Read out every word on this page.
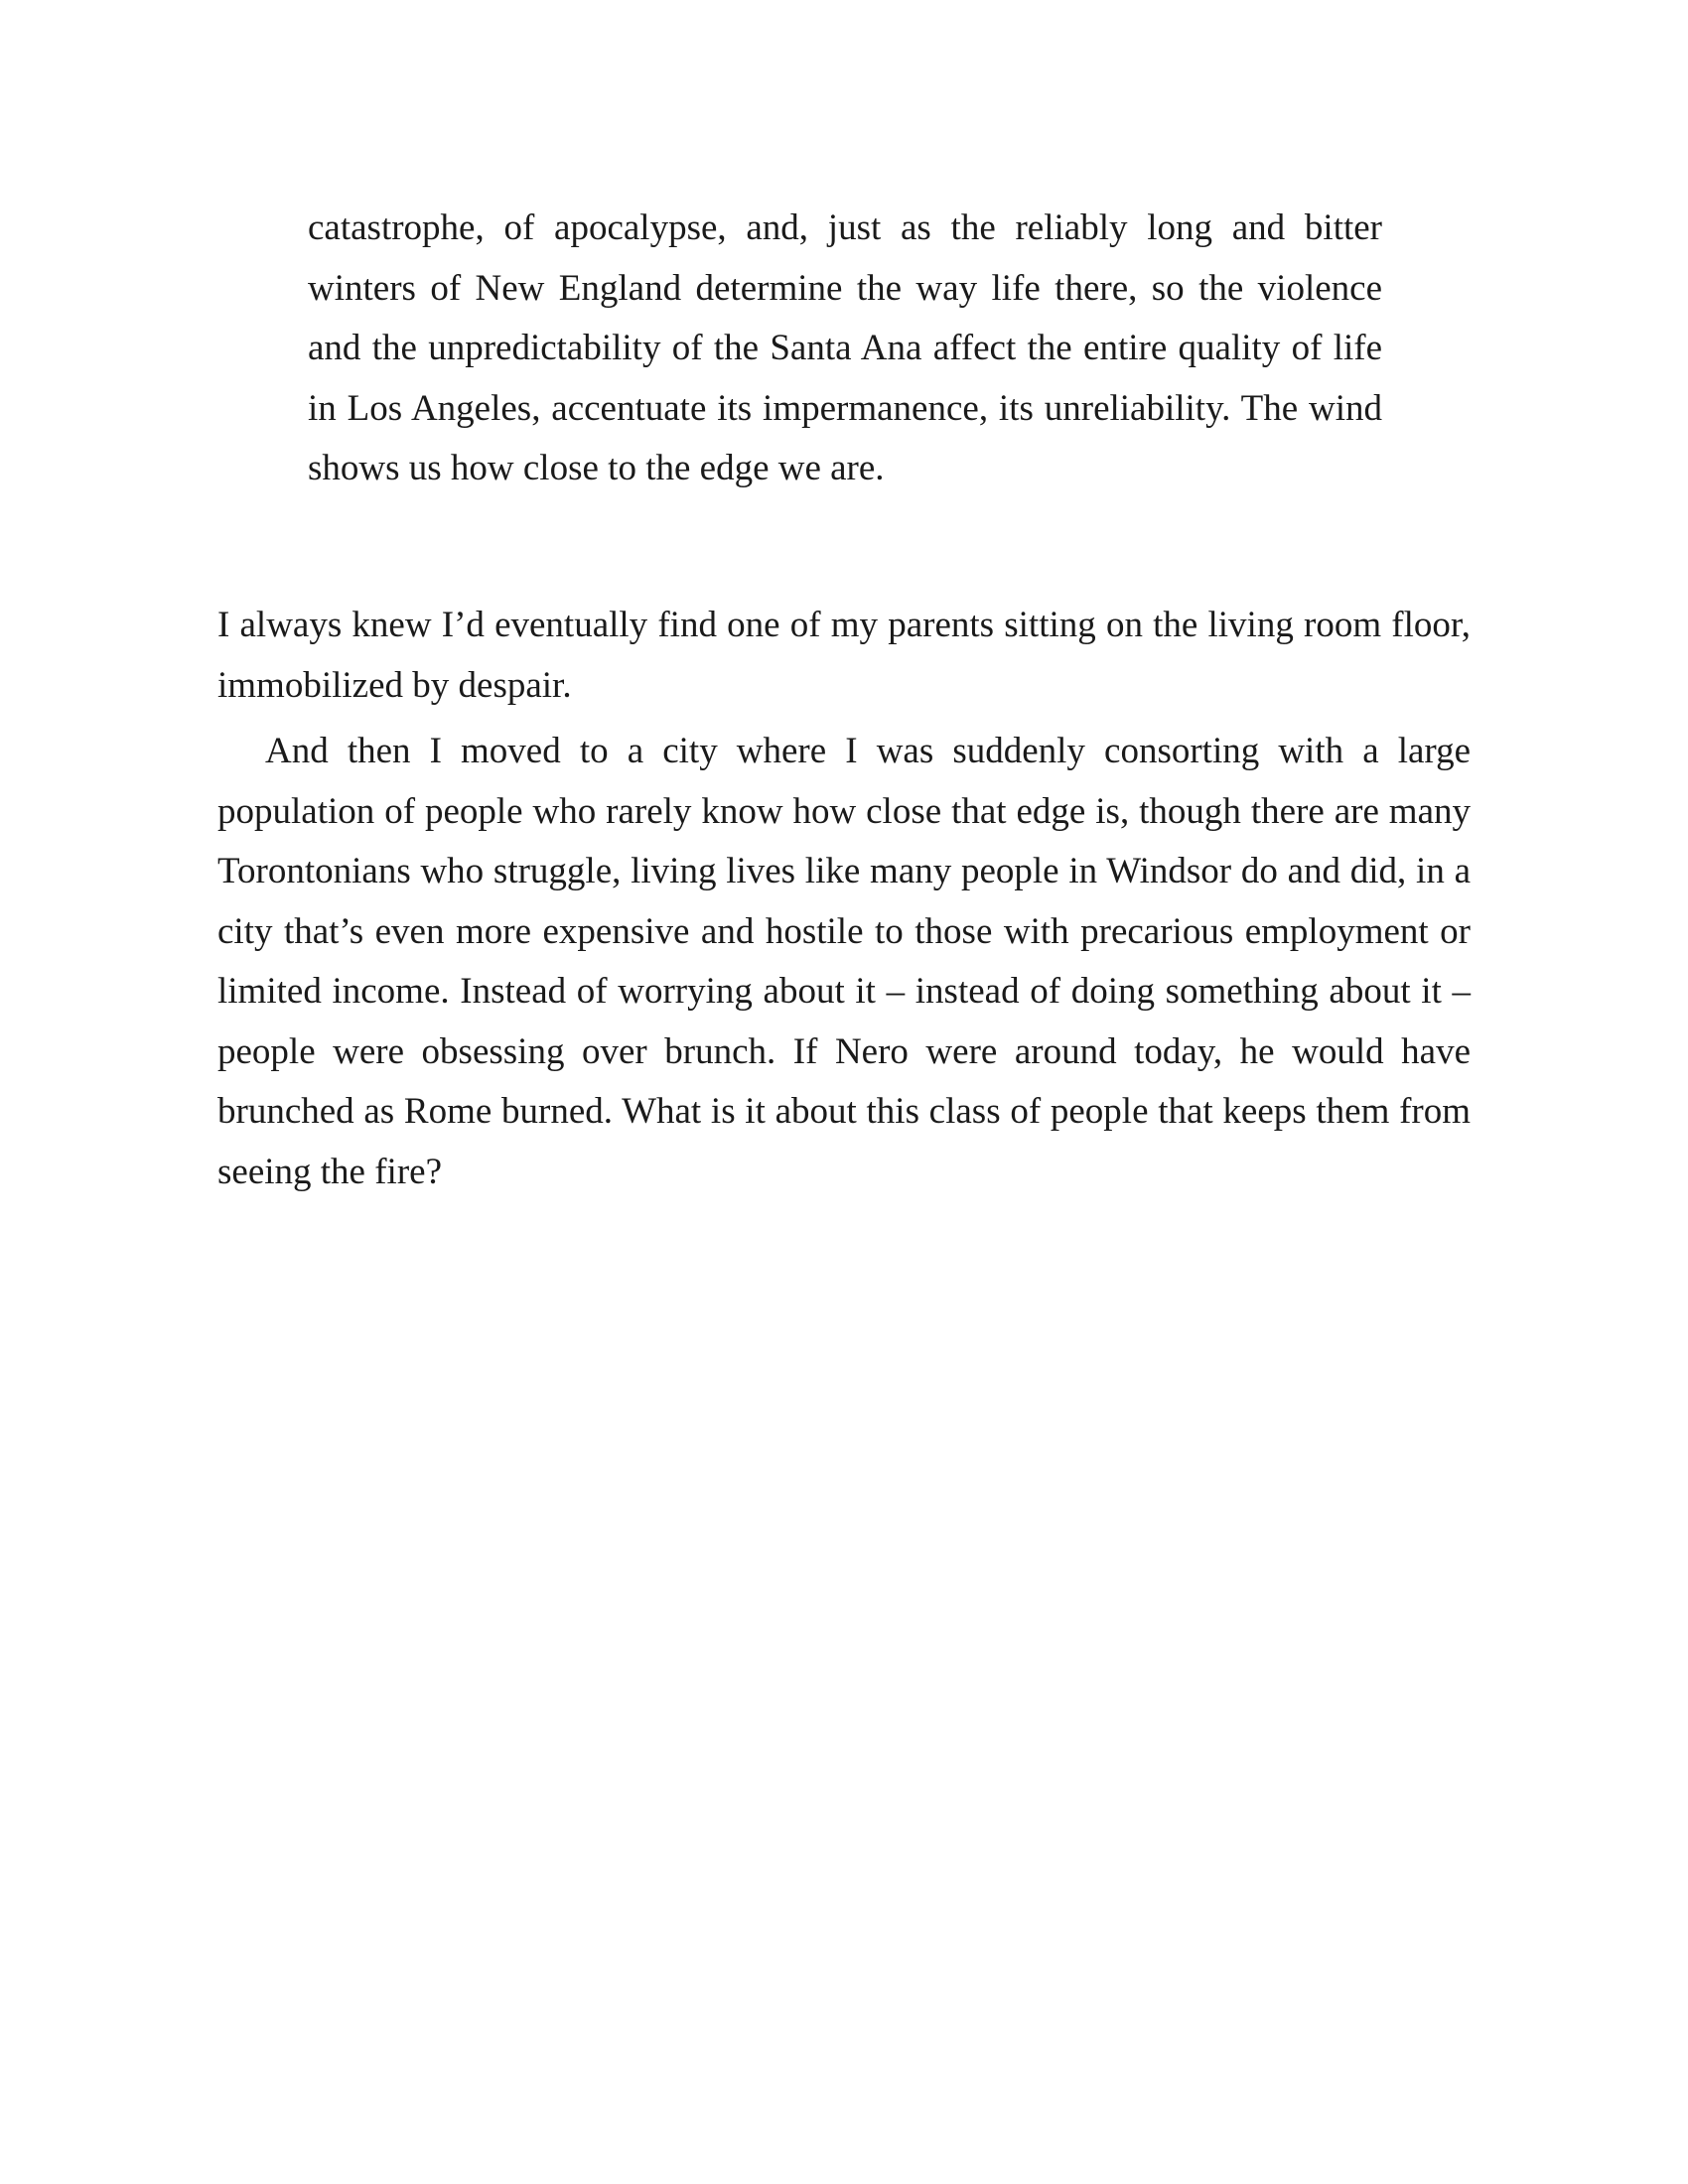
catastrophe, of apocalypse, and, just as the reliably long and bitter winters of New England determine the way life there, so the violence and the unpredictability of the Santa Ana affect the entire quality of life in Los Angeles, accentuate its impermanence, its unreliability. The wind shows us how close to the edge we are.

I always knew I’d eventually find one of my parents sitting on the living room floor, immobilized by despair.

And then I moved to a city where I was suddenly consorting with a large population of people who rarely know how close that edge is, though there are many Torontonians who struggle, living lives like many people in Windsor do and did, in a city that’s even more expensive and hostile to those with precarious employment or limited income. Instead of worrying about it – instead of doing something about it – people were obsessing over brunch. If Nero were around today, he would have brunched as Rome burned. What is it about this class of people that keeps them from seeing the fire?
